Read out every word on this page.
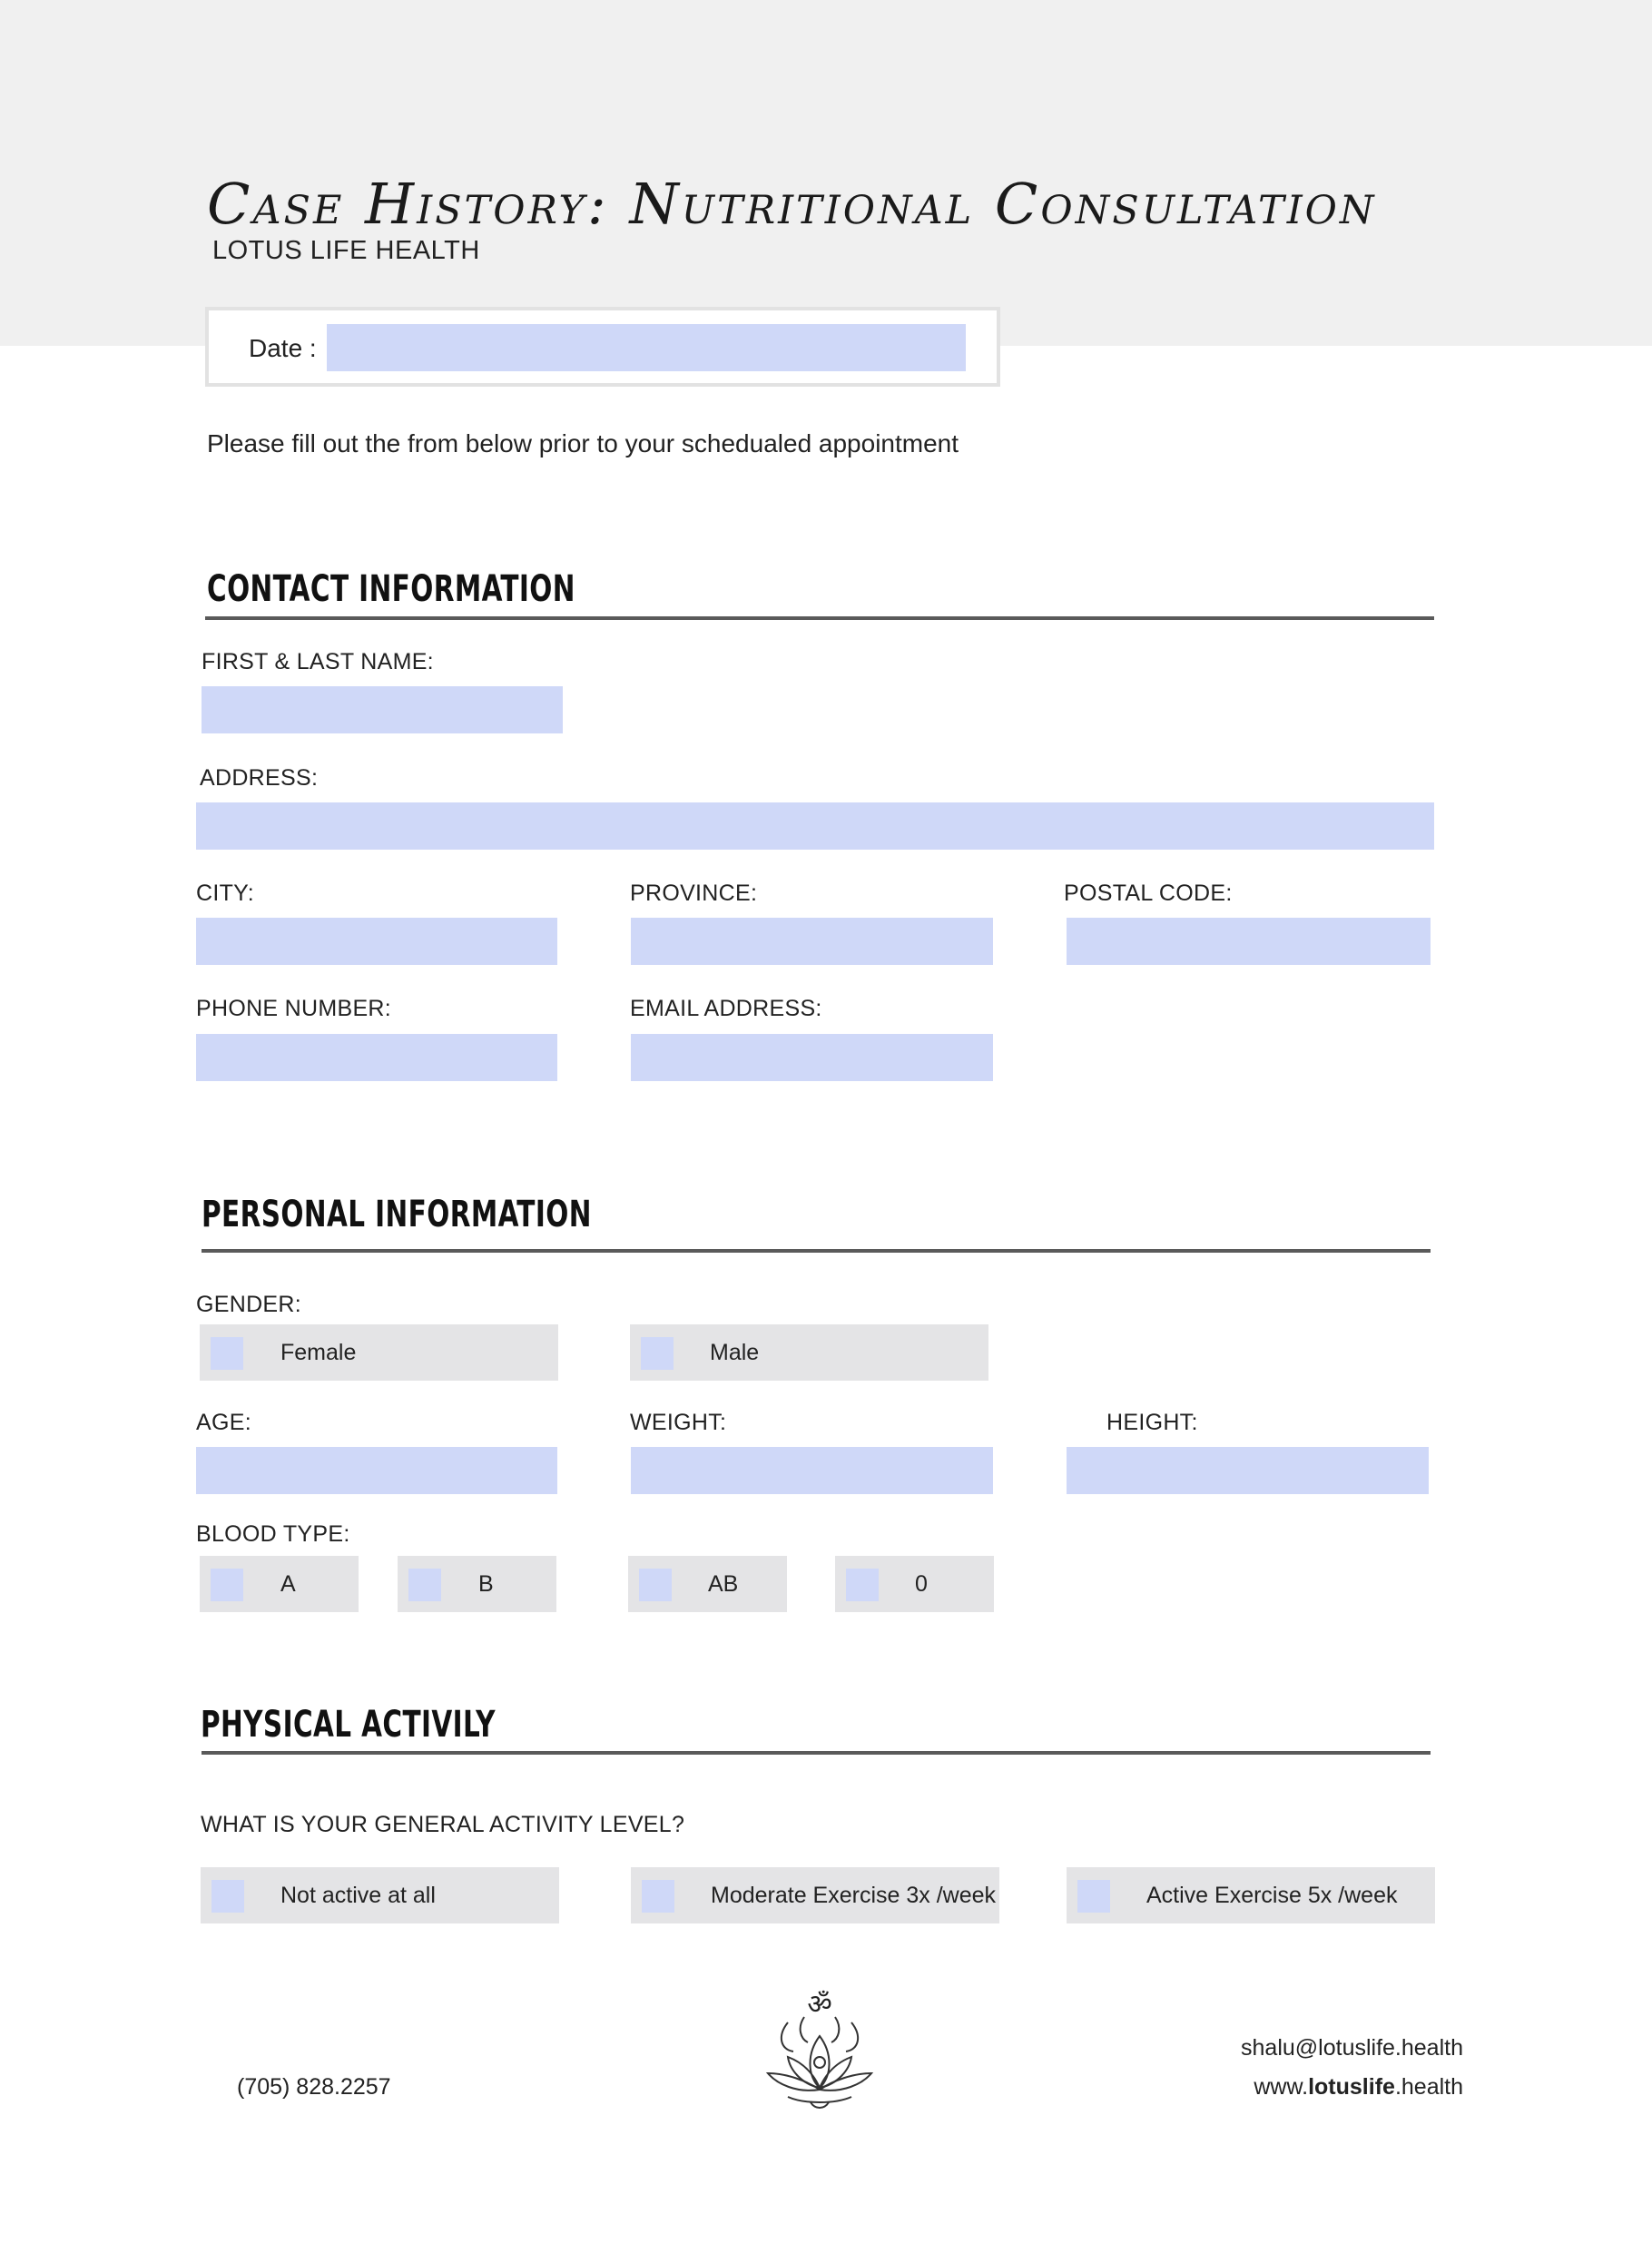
Case History: Nutritional Consultation
LOTUS LIFE HEALTH
Date :
Please fill out the from below prior to your schedualed appointment
CONTACT INFORMATION
FIRST & LAST NAME:
ADDRESS:
CITY:	PROVINCE:	POSTAL CODE:
PHONE NUMBER:	EMAIL ADDRESS:
PERSONAL INFORMATION
GENDER:
Female	Male
AGE:	WEIGHT:	HEIGHT:
BLOOD TYPE:
A	B	AB	0
PHYSICAL ACTIVILY
WHAT IS YOUR GENERAL ACTIVITY LEVEL?
Not active at all	Moderate Exercise 3x /week	Active Exercise 5x /week
(705) 828.2257
ॐ
shalu@lotuslife.health
www.lotuslife.health
